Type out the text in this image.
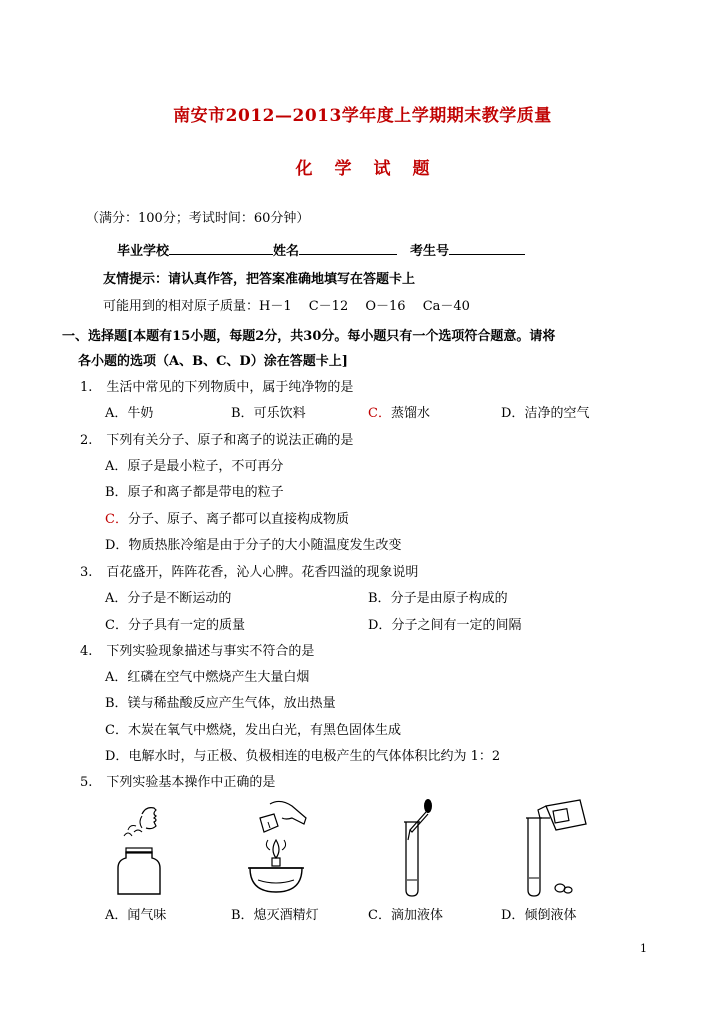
南安市2012—2013学年度上学期期末教学质量
化 学 试 题
（满分：100分；考试时间：60分钟）
毕业学校	姓名　	考生号
友情提示：请认真作答，把答案准确地填写在答题卡上
可能用到的相对原子质量：H－1　 C－12　 O－16　 Ca－40
一、选择题[本题有15小题，每题2分，共30分。每小题只有一个选项符合题意。请将
各小题的选项（A、B、C、D）涂在答题卡上]
1. 生活中常见的下列物质中，属于纯净物的是
A．牛奶	B．可乐饮料	C．蒸馏水	D．洁净的空气
2. 下列有关分子、原子和离子的说法正确的是
A．原子是最小粒子，不可再分
B．原子和离子都是带电的粒子
C．分子、原子、离子都可以直接构成物质
D．物质热胀冷缩是由于分子的大小随温度发生改变
3. 百花盛开，阵阵花香，沁人心脾。花香四溢的现象说明
A．分子是不断运动的	B．分子是由原子构成的
C．分子具有一定的质量	D．分子之间有一定的间隔
4. 下列实验现象描述与事实不符合的是
A．红磷在空气中燃烧产生大量白烟
B．镁与稀盐酸反应产生气体，放出热量
C．木炭在氧气中燃烧，发出白光，有黑色固体生成
D．电解水时，与正极、负极相连的电极产生的气体体积比约为 1：2
5. 下列实验基本操作中正确的是
A．闻气味	B．熄灭酒精灯	C．滴加液体	D．倾倒液体
1
